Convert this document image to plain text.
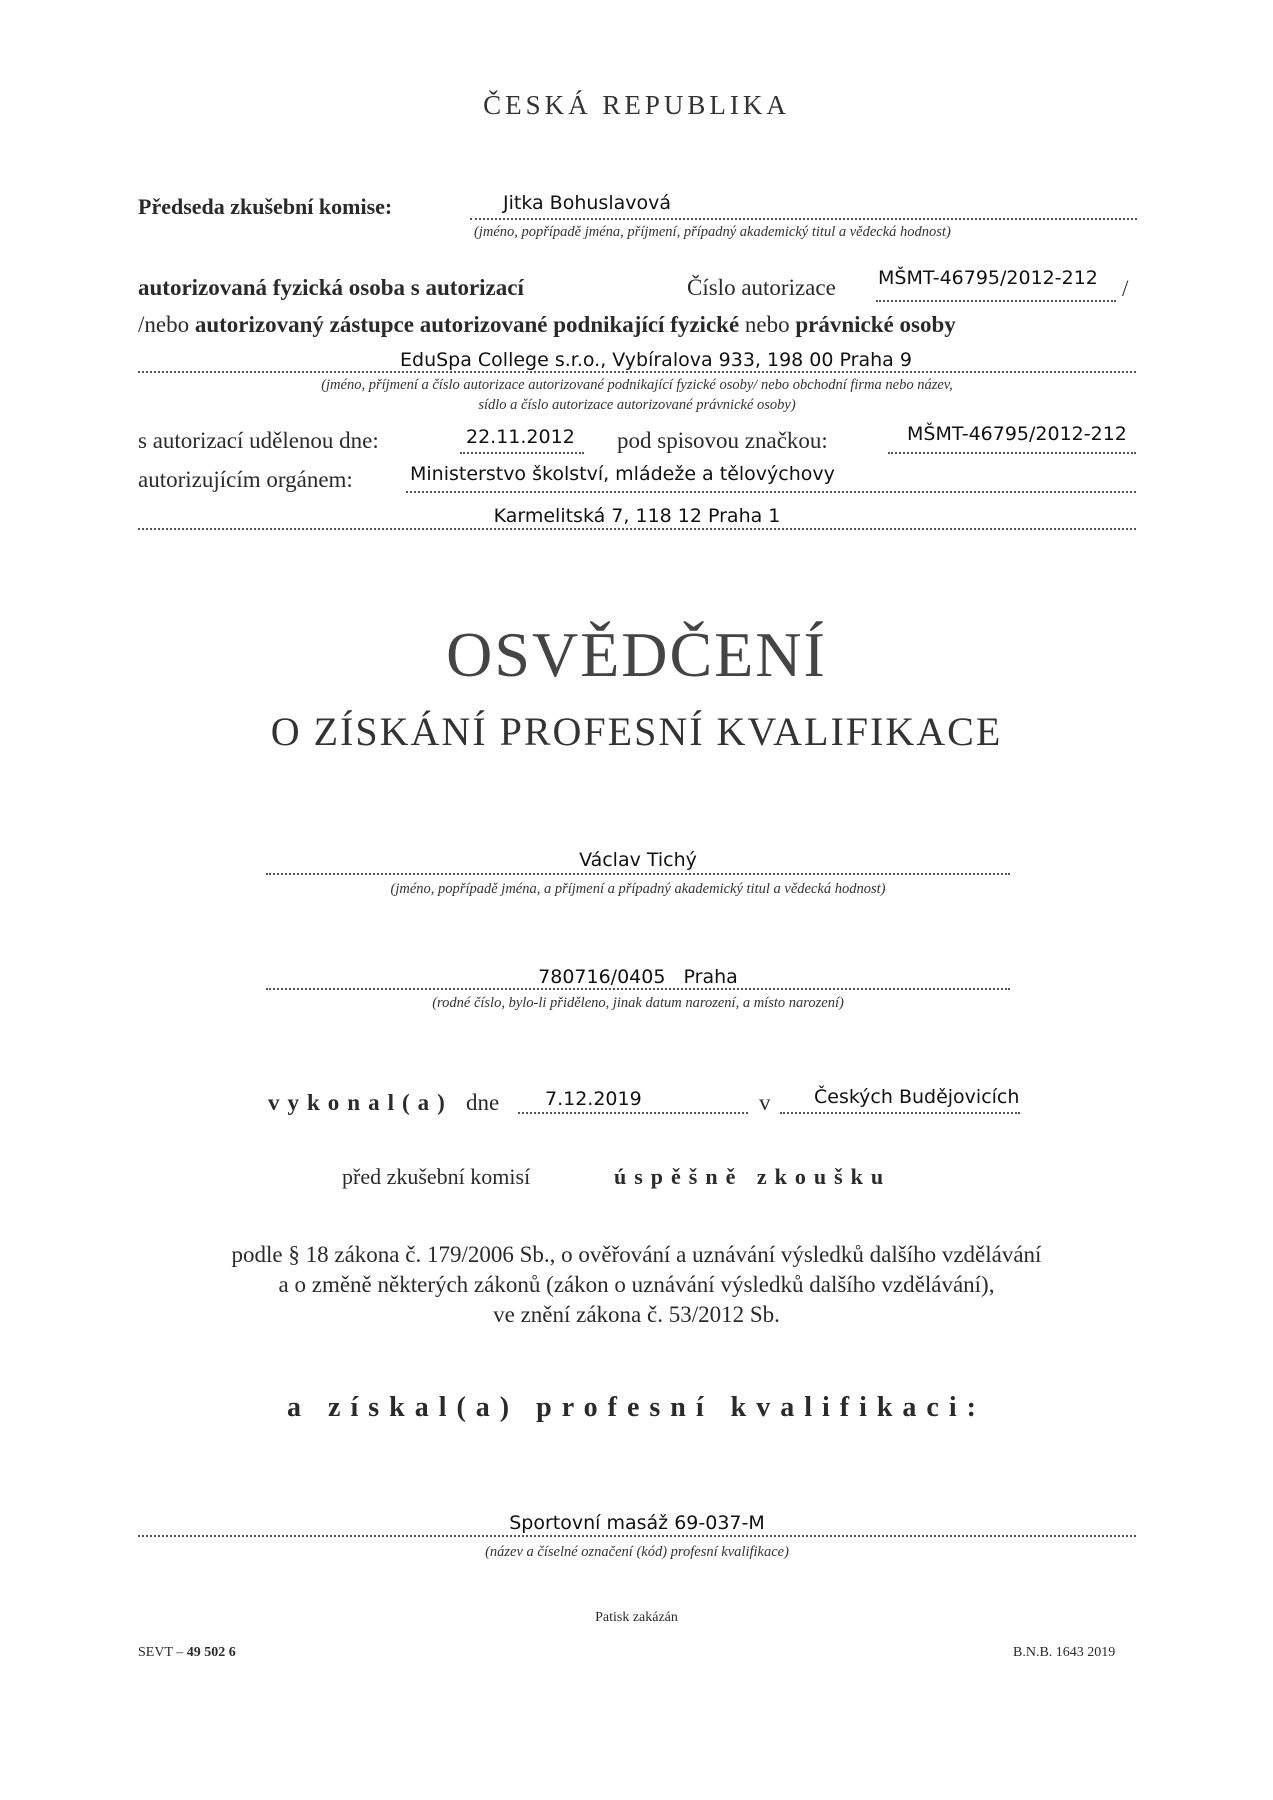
ČESKÁ REPUBLIKA
Předseda zkušební komise:	Jitka Bohuslavová
(jméno, popřípadě jména, příjmení, případný akademický titul a vědecká hodnost)
autorizovaná fyzická osoba s autorizací	Číslo autorizace MŠMT-46795/2012-212 /
/nebo autorizovaný zástupce autorizované podnikající fyzické nebo právnické osoby
EduSpa College s.r.o., Vybíralova 933, 198 00 Praha 9
(jméno, příjmení a číslo autorizace autorizované podnikající fyzické osoby/ nebo obchodní firma nebo název,
sídlo a číslo autorizace autorizované právnické osoby)
s autorizací udělenou dne:	22.11.2012 pod spisovou značkou:	MŠMT-46795/2012-212
autorizujícím orgánem:	Ministerstvo školství, mládeže a tělovýchovy
Karmelitská 7, 118 12 Praha 1
OSVĚDČENÍ
O ZÍSKÁNÍ PROFESNÍ KVALIFIKACE
Václav Tichý
(jméno, popřípadě jména, a příjmení a případný akademický titul a vědecká hodnost)
780716/0405   Praha
(rodné číslo, bylo-li přiděleno, jinak datum narození, a místo narození)
vykonal(a) dne 7.12.2019	v Českých Budějovicích
před zkušební komisí	úspěšně zkoušku
podle § 18 zákona č. 179/2006 Sb., o ověřování a uznávání výsledků dalšího vzdělávání
a o změně některých zákonů (zákon o uznávání výsledků dalšího vzdělávání),
ve znění zákona č. 53/2012 Sb.
a získal(a) profesní kvalifikaci:
Sportovní masáž 69-037-M
(název a číselné označení (kód) profesní kvalifikace)
Patisk zakázán
SEVT – 49 502 6	B.N.B. 1643 2019
